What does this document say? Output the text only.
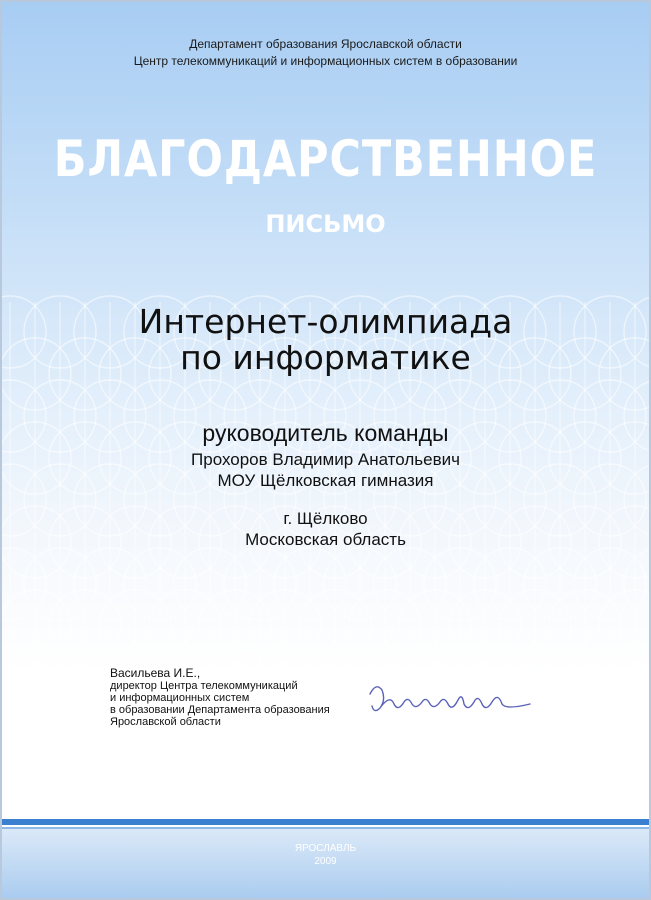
Департамент образования Ярославской области
Центр телекоммуникаций и информационных систем в образовании
БЛАГОДАРСТВЕННОЕ
ПИСЬМО
Интернет-олимпиада
по информатике
руководитель команды
Прохоров Владимир Анатольевич
МОУ Щёлковская гимназия
г. Щёлково
Московская область
Васильева И.Е.,
директор Центра телекоммуникаций
и информационных систем
в образовании Департамента образования
Ярославской области
ЯРОСЛАВЛЬ
2009
